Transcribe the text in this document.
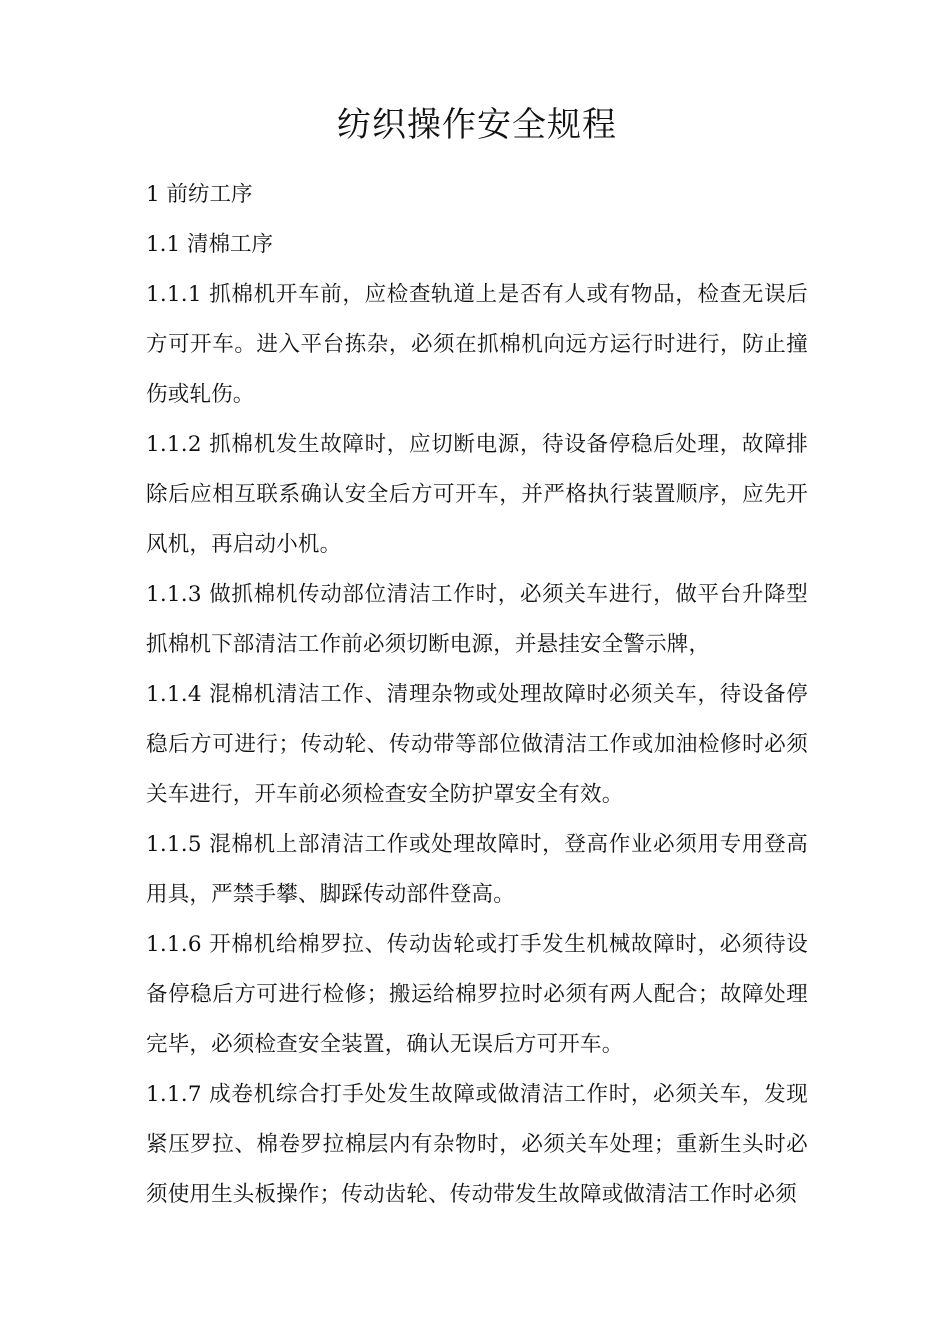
纺织操作安全规程

1 前纺工序

1.1 清棉工序

1.1.1 抓棉机开车前，应检查轨道上是否有人或有物品，检查无误后方可开车。进入平台拣杂，必须在抓棉机向远方运行时进行，防止撞伤或轧伤。

1.1.2 抓棉机发生故障时，应切断电源，待设备停稳后处理，故障排除后应相互联系确认安全后方可开车，并严格执行装置顺序，应先开风机，再启动小机。

1.1.3 做抓棉机传动部位清洁工作时，必须关车进行，做平台升降型抓棉机下部清洁工作前必须切断电源，并悬挂安全警示牌，

1.1.4 混棉机清洁工作、清理杂物或处理故障时必须关车，待设备停稳后方可进行；传动轮、传动带等部位做清洁工作或加油检修时必须关车进行，开车前必须检查安全防护罩安全有效。

1.1.5 混棉机上部清洁工作或处理故障时，登高作业必须用专用登高用具，严禁手攀、脚踩传动部件登高。

1.1.6 开棉机给棉罗拉、传动齿轮或打手发生机械故障时，必须待设备停稳后方可进行检修；搬运给棉罗拉时必须有两人配合；故障处理完毕，必须检查安全装置，确认无误后方可开车。

1.1.7 成卷机综合打手处发生故障或做清洁工作时，必须关车，发现紧压罗拉、棉卷罗拉棉层内有杂物时，必须关车处理；重新生头时必须使用生头板操作；传动齿轮、传动带发生故障或做清洁工作时必须
